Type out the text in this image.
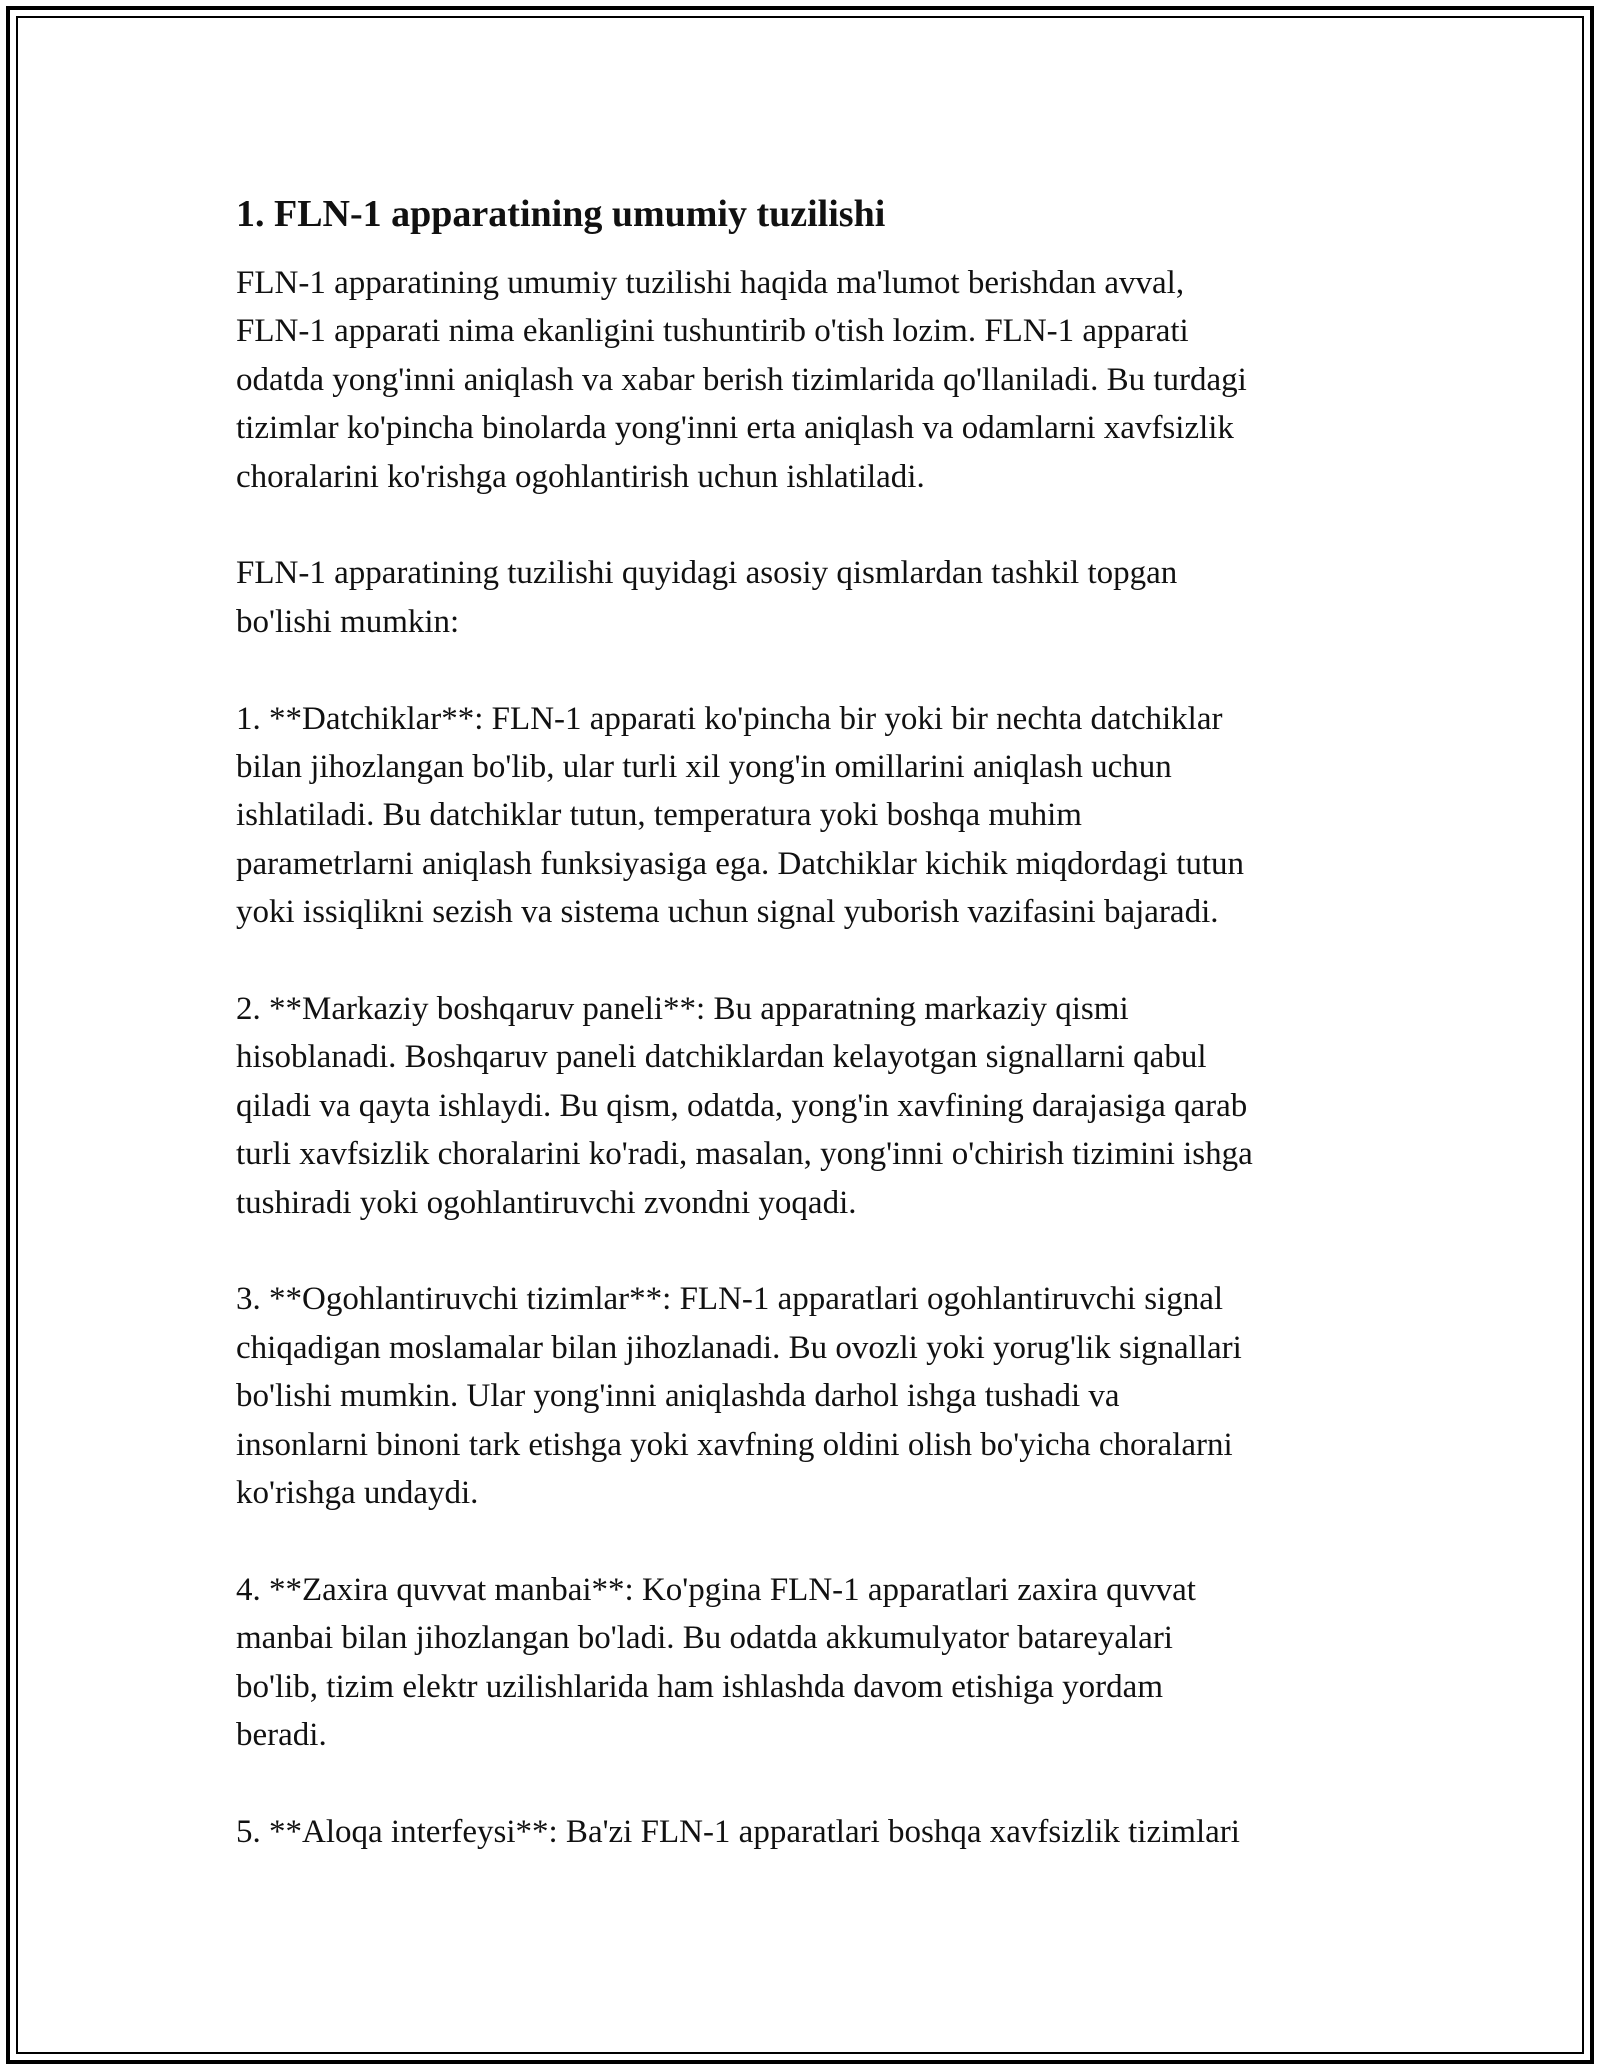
1. FLN-1 apparatining umumiy tuzilishi

FLN-1 apparatining umumiy tuzilishi haqida ma'lumot berishdan avval,
FLN-1 apparati nima ekanligini tushuntirib o'tish lozim. FLN-1 apparati
odatda yong'inni aniqlash va xabar berish tizimlarida qo'llaniladi. Bu turdagi
tizimlar ko'pincha binolarda yong'inni erta aniqlash va odamlarni xavfsizlik
choralarini ko'rishga ogohlantirish uchun ishlatiladi.

FLN-1 apparatining tuzilishi quyidagi asosiy qismlardan tashkil topgan
bo'lishi mumkin:

1. **Datchiklar**: FLN-1 apparati ko'pincha bir yoki bir nechta datchiklar
bilan jihozlangan bo'lib, ular turli xil yong'in omillarini aniqlash uchun
ishlatiladi. Bu datchiklar tutun, temperatura yoki boshqa muhim
parametrlarni aniqlash funksiyasiga ega. Datchiklar kichik miqdordagi tutun
yoki issiqlikni sezish va sistema uchun signal yuborish vazifasini bajaradi.

2. **Markaziy boshqaruv paneli**: Bu apparatning markaziy qismi
hisoblanadi. Boshqaruv paneli datchiklardan kelayotgan signallarni qabul
qiladi va qayta ishlaydi. Bu qism, odatda, yong'in xavfining darajasiga qarab
turli xavfsizlik choralarini ko'radi, masalan, yong'inni o'chirish tizimini ishga
tushiradi yoki ogohlantiruvchi zvondni yoqadi.

3. **Ogohlantiruvchi tizimlar**: FLN-1 apparatlari ogohlantiruvchi signal
chiqadigan moslamalar bilan jihozlanadi. Bu ovozli yoki yorug'lik signallari
bo'lishi mumkin. Ular yong'inni aniqlashda darhol ishga tushadi va
insonlarni binoni tark etishga yoki xavfning oldini olish bo'yicha choralarni
ko'rishga undaydi.

4. **Zaxira quvvat manbai**: Ko'pgina FLN-1 apparatlari zaxira quvvat
manbai bilan jihozlangan bo'ladi. Bu odatda akkumulyator batareyalari
bo'lib, tizim elektr uzilishlarida ham ishlashda davom etishiga yordam
beradi.

5. **Aloqa interfeysi**: Ba'zi FLN-1 apparatlari boshqa xavfsizlik tizimlari
